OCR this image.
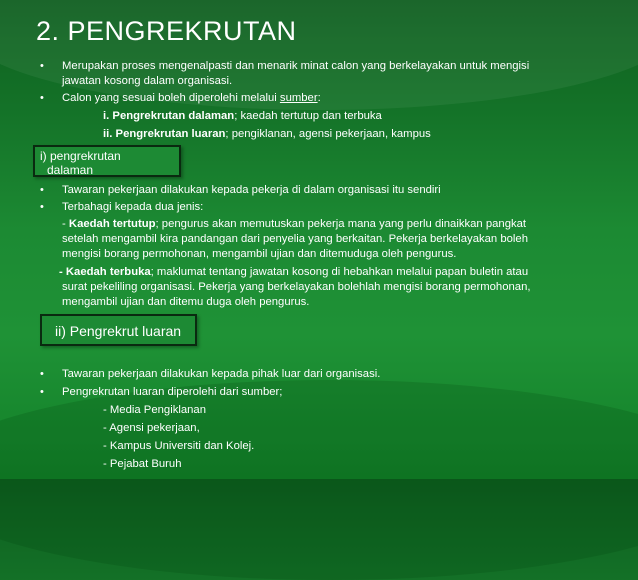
2. PENGREKRUTAN
• Merupakan proses mengenalpasti dan menarik minat calon yang berkelayakan untuk mengisi
jawatan kosong dalam organisasi.
• Calon yang sesuai boleh diperolehi melalui sumber:
i. Pengrekrutan dalaman; kaedah tertutup dan terbuka
ii. Pengrekrutan luaran; pengiklanan, agensi pekerjaan, kampus
i) pengrekrutan
dalaman
• Tawaran pekerjaan dilakukan kepada pekerja di dalam organisasi itu sendiri
• Terbahagi kepada dua jenis:
- Kaedah tertutup; pengurus akan memutuskan pekerja mana yang perlu dinaikkan pangkat
setelah mengambil kira pandangan dari penyelia yang berkaitan. Pekerja berkelayakan boleh
mengisi borang permohonan, mengambil ujian dan ditemuduga oleh pengurus.
- Kaedah terbuka; maklumat tentang jawatan kosong di hebahkan melalui papan buletin atau
surat pekeliling organisasi. Pekerja yang berkelayakan bolehlah mengisi borang permohonan,
mengambil ujian dan ditemu duga oleh pengurus.
ii) Pengrekrut luaran
• Tawaran pekerjaan dilakukan kepada pihak luar dari organisasi.
• Pengrekrutan luaran diperolehi dari sumber;
- Media Pengiklanan
- Agensi pekerjaan,
- Kampus Universiti dan Kolej.
- Pejabat Buruh
